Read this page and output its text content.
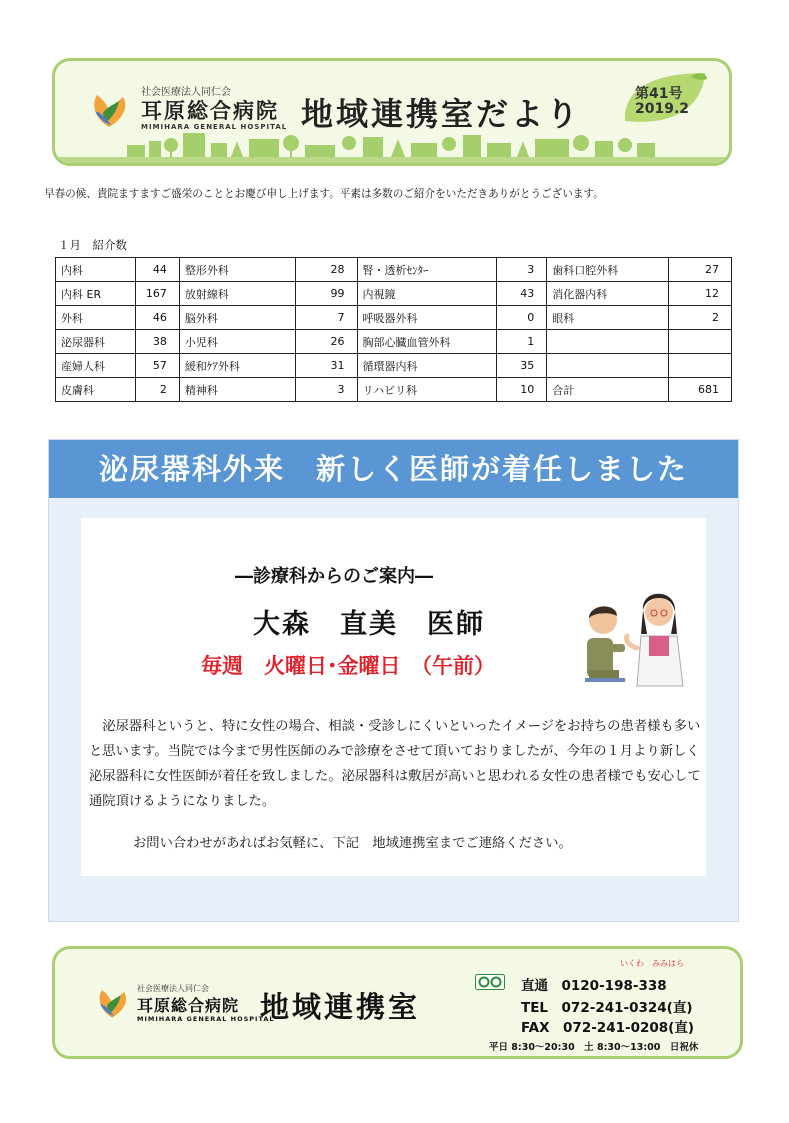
社会医療法人同仁会
耳原総合病院
MIMIHARA GENERAL HOSPITAL 地域連携室だより
第41号
2019.2
早春の候、貴院ますますご盛栄のこととお慶び申し上げます。平素は多数のご紹介をいただきありがとうございます。
１月　紹介数
内科	44	整形外科	28	腎・透析ｾﾝﾀｰ	3	歯科口腔外科	27
内科 ER	167	放射線科	99	内視鏡	43	消化器内科	12
外科	46	脳外科	7	呼吸器外科	0	眼科	2
泌尿器科	38	小児科	26	胸部心臓血管外科	1		
産婦人科	57	緩和ｹｱ外科	31	循環器内科	35		
皮膚科	2	精神科	3	リハビリ科	10	合計	681
泌尿器科外来　新しく医師が着任しました
―診療科からのご案内―
大森　直美　医師
毎週　火曜日･金曜日　（午前）
　泌尿器科というと、特に女性の場合、相談・受診しにくいといったイメージをお持ちの患者様も多いと思います。当院では今まで男性医師のみで診療をさせて頂いておりましたが、今年の１月より新しく泌尿器科に女性医師が着任を致しました。泌尿器科は敷居が高いと思われる女性の患者様でも安心して通院頂けるようになりました。
お問い合わせがあればお気軽に、下記　地域連携室までご連絡ください。
社会医療法人同仁会
耳原総合病院
MIMIHARA GENERAL HOSPITAL
地域連携室
いくわ　みみはら
直通　0120-198-338
TEL　072-241-0324(直)
FAX　072-241-0208(直)
平日 8:30～20:30　土 8:30～13:00　日祝休
